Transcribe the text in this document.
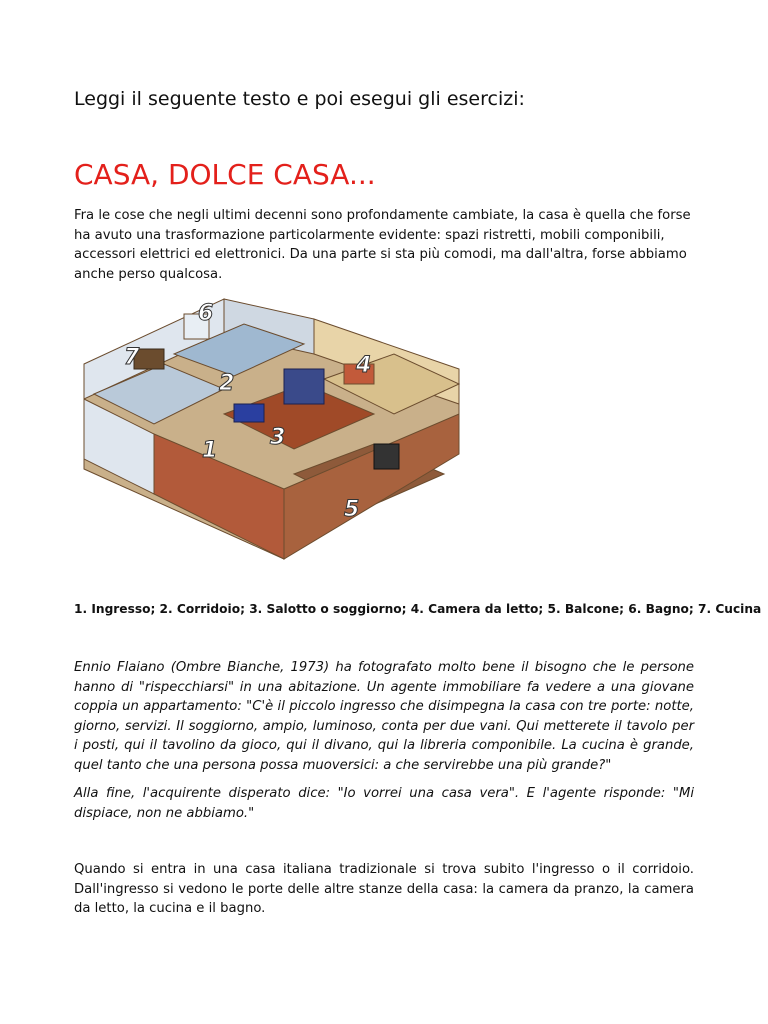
Leggi il seguente testo e poi esegui gli esercizi:
CASA, DOLCE CASA...
Fra le cose che negli ultimi decenni sono profondamente cambiate, la casa è quella che forse ha avuto una trasformazione particolarmente evidente: spazi ristretti, mobili componibili, accessori elettrici ed elettronici. Da una parte si sta più comodi, ma dall'altra, forse abbiamo anche perso qualcosa.
1
2
3
4
5
6
7
1. Ingresso; 2. Corridoio; 3. Salotto o soggiorno; 4. Camera da letto; 5. Balcone; 6. Bagno; 7. Cucina
Ennio Flaiano (Ombre Bianche, 1973) ha fotografato molto bene il bisogno che le persone hanno di "rispecchiarsi" in una abitazione. Un agente immobiliare fa vedere a una giovane coppia un appartamento: "C'è il piccolo ingresso che disimpegna la casa con tre porte: notte, giorno, servizi. Il soggiorno, ampio, luminoso, conta per due vani. Qui metterete il tavolo per i posti, qui il tavolino da gioco, qui il divano, qui la libreria componibile. La cucina è grande, quel tanto che una persona possa muoversici: a che servirebbe una più grande?"
Alla fine, l'acquirente disperato dice: "Io vorrei una casa vera". E l'agente risponde: "Mi dispiace, non ne abbiamo."
Quando si entra in una casa italiana tradizionale si trova subito l'ingresso o il corridoio. Dall'ingresso si vedono le porte delle altre stanze della casa: la camera da pranzo, la camera da letto, la cucina e il bagno.
